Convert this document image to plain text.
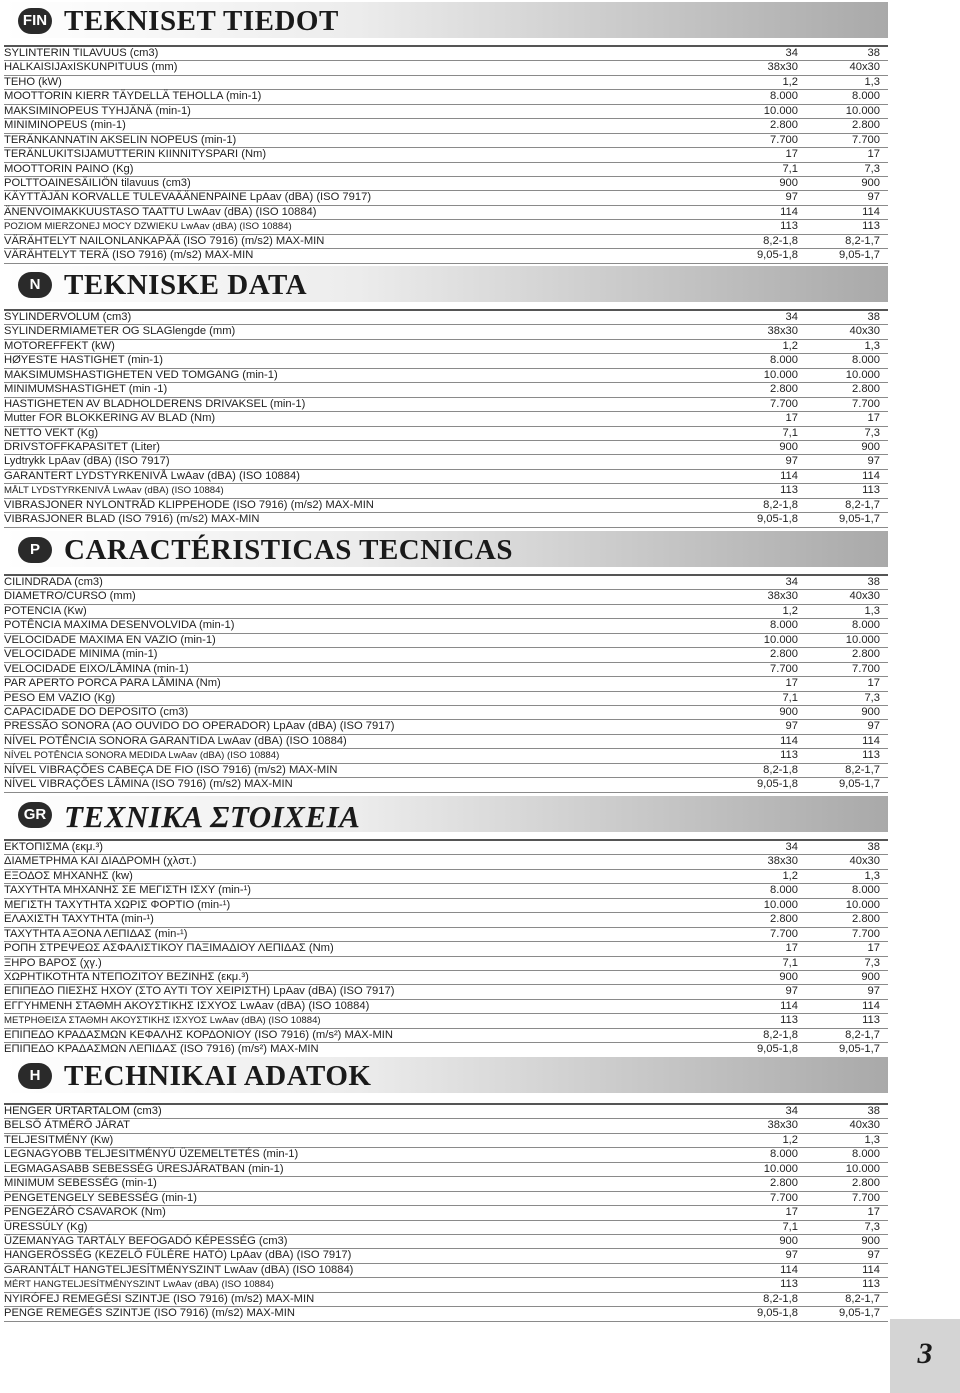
FIN TEKNISET TIEDOT
SYLINTERIN TILAVUUS (cm3)	34	38
HALKAISIJAxISKUNPITUUS (mm)	38x30	40x30
TEHO (kW)	1,2	1,3
MOOTTORIN KIERR TÄYDELLÄ TEHOLLA (min-1)	8.000	8.000
MAKSIMINOPEUS TYHJÄNÄ (min-1)	10.000	10.000
MINIMINOPEUS (min-1)	2.800	2.800
TERÄNKANNATIN AKSELIN NOPEUS (min-1)	7.700	7.700
TERÄNLUKITSIJAMUTTERIN KIINNITYSPARI (Nm)	17	17
MOOTTORIN PAINO (Kg)	7,1	7,3
POLTTOAINESÄILIÖN tilavuus (cm3)	900	900
KÄYTTÄJÄN KORVALLE TULEVAÄÄNENPAINE LpAav (dBA) (ISO 7917)	97	97
ÄNENVOIMAKKUUSTASO TAATTU LwAav (dBA) (ISO 10884)	114	114
POZIOM MIERZONEJ MOCY DZWIEKU LwAav (dBA) (ISO 10884)	113	113
VÄRÄHTELYT NAILONLANKAPÄÄ (ISO 7916) (m/s2) MAX-MIN	8,2-1,8	8,2-1,7
VÄRÄHTELYT TERÄ (ISO 7916) (m/s2) MAX-MIN	9,05-1,8	9,05-1,7
N TEKNISKE DATA
SYLINDERVOLUM (cm3)	34	38
SYLINDERMIAMETER OG SLAGlengde (mm)	38x30	40x30
MOTOREFFEKT (kW)	1,2	1,3
HØYESTE HASTIGHET (min-1)	8.000	8.000
MAKSIMUMSHASTIGHETEN VED TOMGANG (min-1)	10.000	10.000
MINIMUMSHASTIGHET (min -1)	2.800	2.800
HASTIGHETEN AV BLADHOLDERENS DRIVAKSEL (min-1)	7.700	7.700
Mutter FOR BLOKKERING AV BLAD (Nm)	17	17
NETTO VEKT (Kg)	7,1	7,3
DRIVSTOFFKAPASITET (Liter)	900	900
Lydtrykk LpAav (dBA) (ISO 7917)	97	97
GARANTERT LYDSTYRKENIVÅ LwAav (dBA) (ISO 10884)	114	114
MÅLT LYDSTYRKENIVÅ LwAav (dBA) (ISO 10884)	113	113
VIBRASJONER NYLONTRÅD KLIPPEHODE (ISO 7916) (m/s2) MAX-MIN	8,2-1,8	8,2-1,7
VIBRASJONER BLAD (ISO 7916) (m/s2) MAX-MIN	9,05-1,8	9,05-1,7
P CARACTÉRISTICAS TECNICAS
CILINDRADA (cm3)	34	38
DIAMETRO/CURSO (mm)	38x30	40x30
POTENCIA (Kw)	1,2	1,3
POTÊNCIA MAXIMA DESENVOLVIDA (min-1)	8.000	8.000
VELOCIDADE MAXIMA EN VAZIO (min-1)	10.000	10.000
VELOCIDADE MINIMA (min-1)	2.800	2.800
VELOCIDADE EIXO/LÂMINA (min-1)	7.700	7.700
PAR APERTO PORCA PARA LÂMINA (Nm)	17	17
PESO EM VAZIO (Kg)	7,1	7,3
CAPACIDADE DO DEPOSITO (cm3)	900	900
PRESSÃO SONORA (AO OUVIDO DO OPERADOR) LpAav (dBA) (ISO 7917)	97	97
NÍVEL POTÊNCIA SONORA GARANTIDA LwAav (dBA) (ISO 10884)	114	114
NÍVEL POTÊNCIA SONORA MEDIDA LwAav (dBA) (ISO 10884)	113	113
NÍVEL VIBRAÇÕES CABEÇA DE FIO (ISO 7916) (m/s2) MAX-MIN	8,2-1,8	8,2-1,7
NÍVEL VIBRAÇÕES LÂMINA (ISO 7916) (m/s2) MAX-MIN	9,05-1,8	9,05-1,7
GR ΤΕΧΝΙΚΑ ΣΤΟΙΧΕΙΑ
ΕΚΤΟΠΙΣΜΑ (εκμ.³)	34	38
ΔΙΑΜΕΤΡΗΜΑ ΚΑΙ ΔΙΑΔΡΟΜΗ (χλστ.)	38x30	40x30
ΕΞΟΔΟΣ ΜΗΧΑΝΗΣ (kw)	1,2	1,3
ΤΑΧΥΤΗΤΑ ΜΗΧΑΝΗΣ ΣΕ ΜΕΓΙΣΤΗ ΙΣΧΥ (min-¹)	8.000	8.000
ΜΕΓΙΣΤΗ ΤΑΧΥΤΗΤΑ ΧΩΡΙΣ ΦΟΡΤΙΟ (min-¹)	10.000	10.000
ΕΛΑΧΙΣΤΗ ΤΑΧΥΤΗΤΑ (min-¹)	2.800	2.800
ΤΑΧΥΤΗΤΑ ΑΞΟΝΑ ΛΕΠΙΔΑΣ (min-¹)	7.700	7.700
ΡΟΠΗ ΣΤΡΕΨΕΩΣ ΑΣΦΑΛΙΣΤΙΚΟΥ ΠΑΞΙΜΑΔΙΟΥ ΛΕΠΙΔΑΣ (Nm)	17	17
ΞΗΡΟ ΒΑΡΟΣ (χγ.)	7,1	7,3
ΧΩΡΗΤΙΚΟΤΗΤΑ ΝΤΕΠΟΖΙΤΟΥ ΒΕΖΙΝΗΣ (εκμ.³)	900	900
ΕΠΙΠΕΔΟ ΠΙΕΣΗΣ ΗΧΟΥ (ΣΤΟ ΑΥΤΙ ΤΟΥ ΧΕΙΡΙΣΤΗ) LpAav (dBA) (ISO 7917)	97	97
ΕΓΓΥΗΜΕΝΗ ΣΤΑΘΜΗ ΑΚΟΥΣΤΙΚΗΣ ΙΣΧΥΟΣ LwAav (dBA) (ISO 10884)	114	114
ΜΕΤΡΗΘΕΙΣΑ ΣΤΑΘΜΗ ΑΚΟΥΣΤΙΚΗΣ ΙΣΧΥΟΣ LwAav (dBA) (ISO 10884)	113	113
ΕΠΙΠΕΔΟ ΚΡΑΔΑΣΜΩΝ ΚΕΦΑΛΗΣ ΚΟΡΔΟΝΙΟΥ (ISO 7916) (m/s²) MAX-MIN	8,2-1,8	8,2-1,7
ΕΠΙΠΕΔΟ ΚΡΑΔΑΣΜΩΝ ΛΕΠΙΔΑΣ (ISO 7916) (m/s²) MAX-MIN	9,05-1,8	9,05-1,7
H TECHNIKAI ADATOK
HENGER ÜRTARTALOM (cm3)	34	38
BELSŐ ÁTMÉRŐ JÁRAT	38x30	40x30
TELJESITMÉNY (Kw)	1,2	1,3
LEGNAGYOBB TELJESITMÉNYÜ ÜZEMELTETÉS (min-1)	8.000	8.000
LEGMAGASABB SEBESSÉG ÜRESJÁRATBAN (min-1)	10.000	10.000
MINIMUM SEBESSÉG (min-1)	2.800	2.800
PENGETENGELY SEBESSÉG (min-1)	7.700	7.700
PENGEZÁRÓ CSAVAROK (Nm)	17	17
ÜRESSÚLY (Kg)	7,1	7,3
ÜZEMANYAG TARTÁLY BEFOGADÓ KÉPESSÉG (cm3)	900	900
HANGERŐSSÉG (KEZELŐ FÜLÉRE HATÓ) LpAav (dBA) (ISO 7917)	97	97
GARANTÁLT HANGTELJESÍTMÉNYSZINT LwAav (dBA) (ISO 10884)	114	114
MÉRT HANGTELJESÍTMÉNYSZINT LwAav (dBA) (ISO 10884)	113	113
NYIRÓFEJ REMEGÉSI SZINTJE (ISO 7916) (m/s2) MAX-MIN	8,2-1,8	8,2-1,7
PENGE REMEGÉS SZINTJE (ISO 7916) (m/s2) MAX-MIN	9,05-1,8	9,05-1,7
3
